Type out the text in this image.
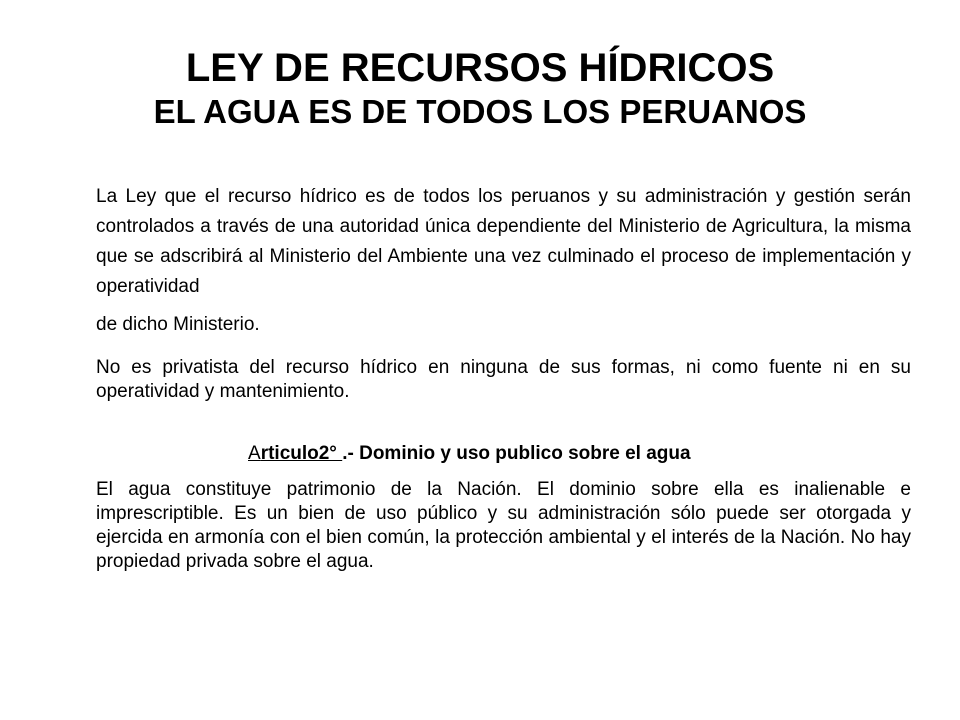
LEY DE RECURSOS HÍDRICOS
EL AGUA ES DE TODOS LOS PERUANOS

La Ley que el recurso hídrico es de todos los peruanos y su administración y gestión serán controlados a través de una autoridad única dependiente del Ministerio de Agricultura, la misma que se adscribirá al Ministerio del Ambiente una vez culminado el proceso de implementación y operatividad
de dicho Ministerio.

No es privatista del recurso hídrico en ninguna de sus formas, ni como fuente ni en su operatividad y mantenimiento.

Articulo2° .- Dominio y uso publico sobre el agua

El agua constituye patrimonio de la Nación. El dominio sobre ella es inalienable e imprescriptible. Es un bien de uso público y su administración sólo puede ser otorgada y ejercida en armonía con el bien común, la protección ambiental y el interés de la Nación. No hay propiedad privada sobre el agua.
